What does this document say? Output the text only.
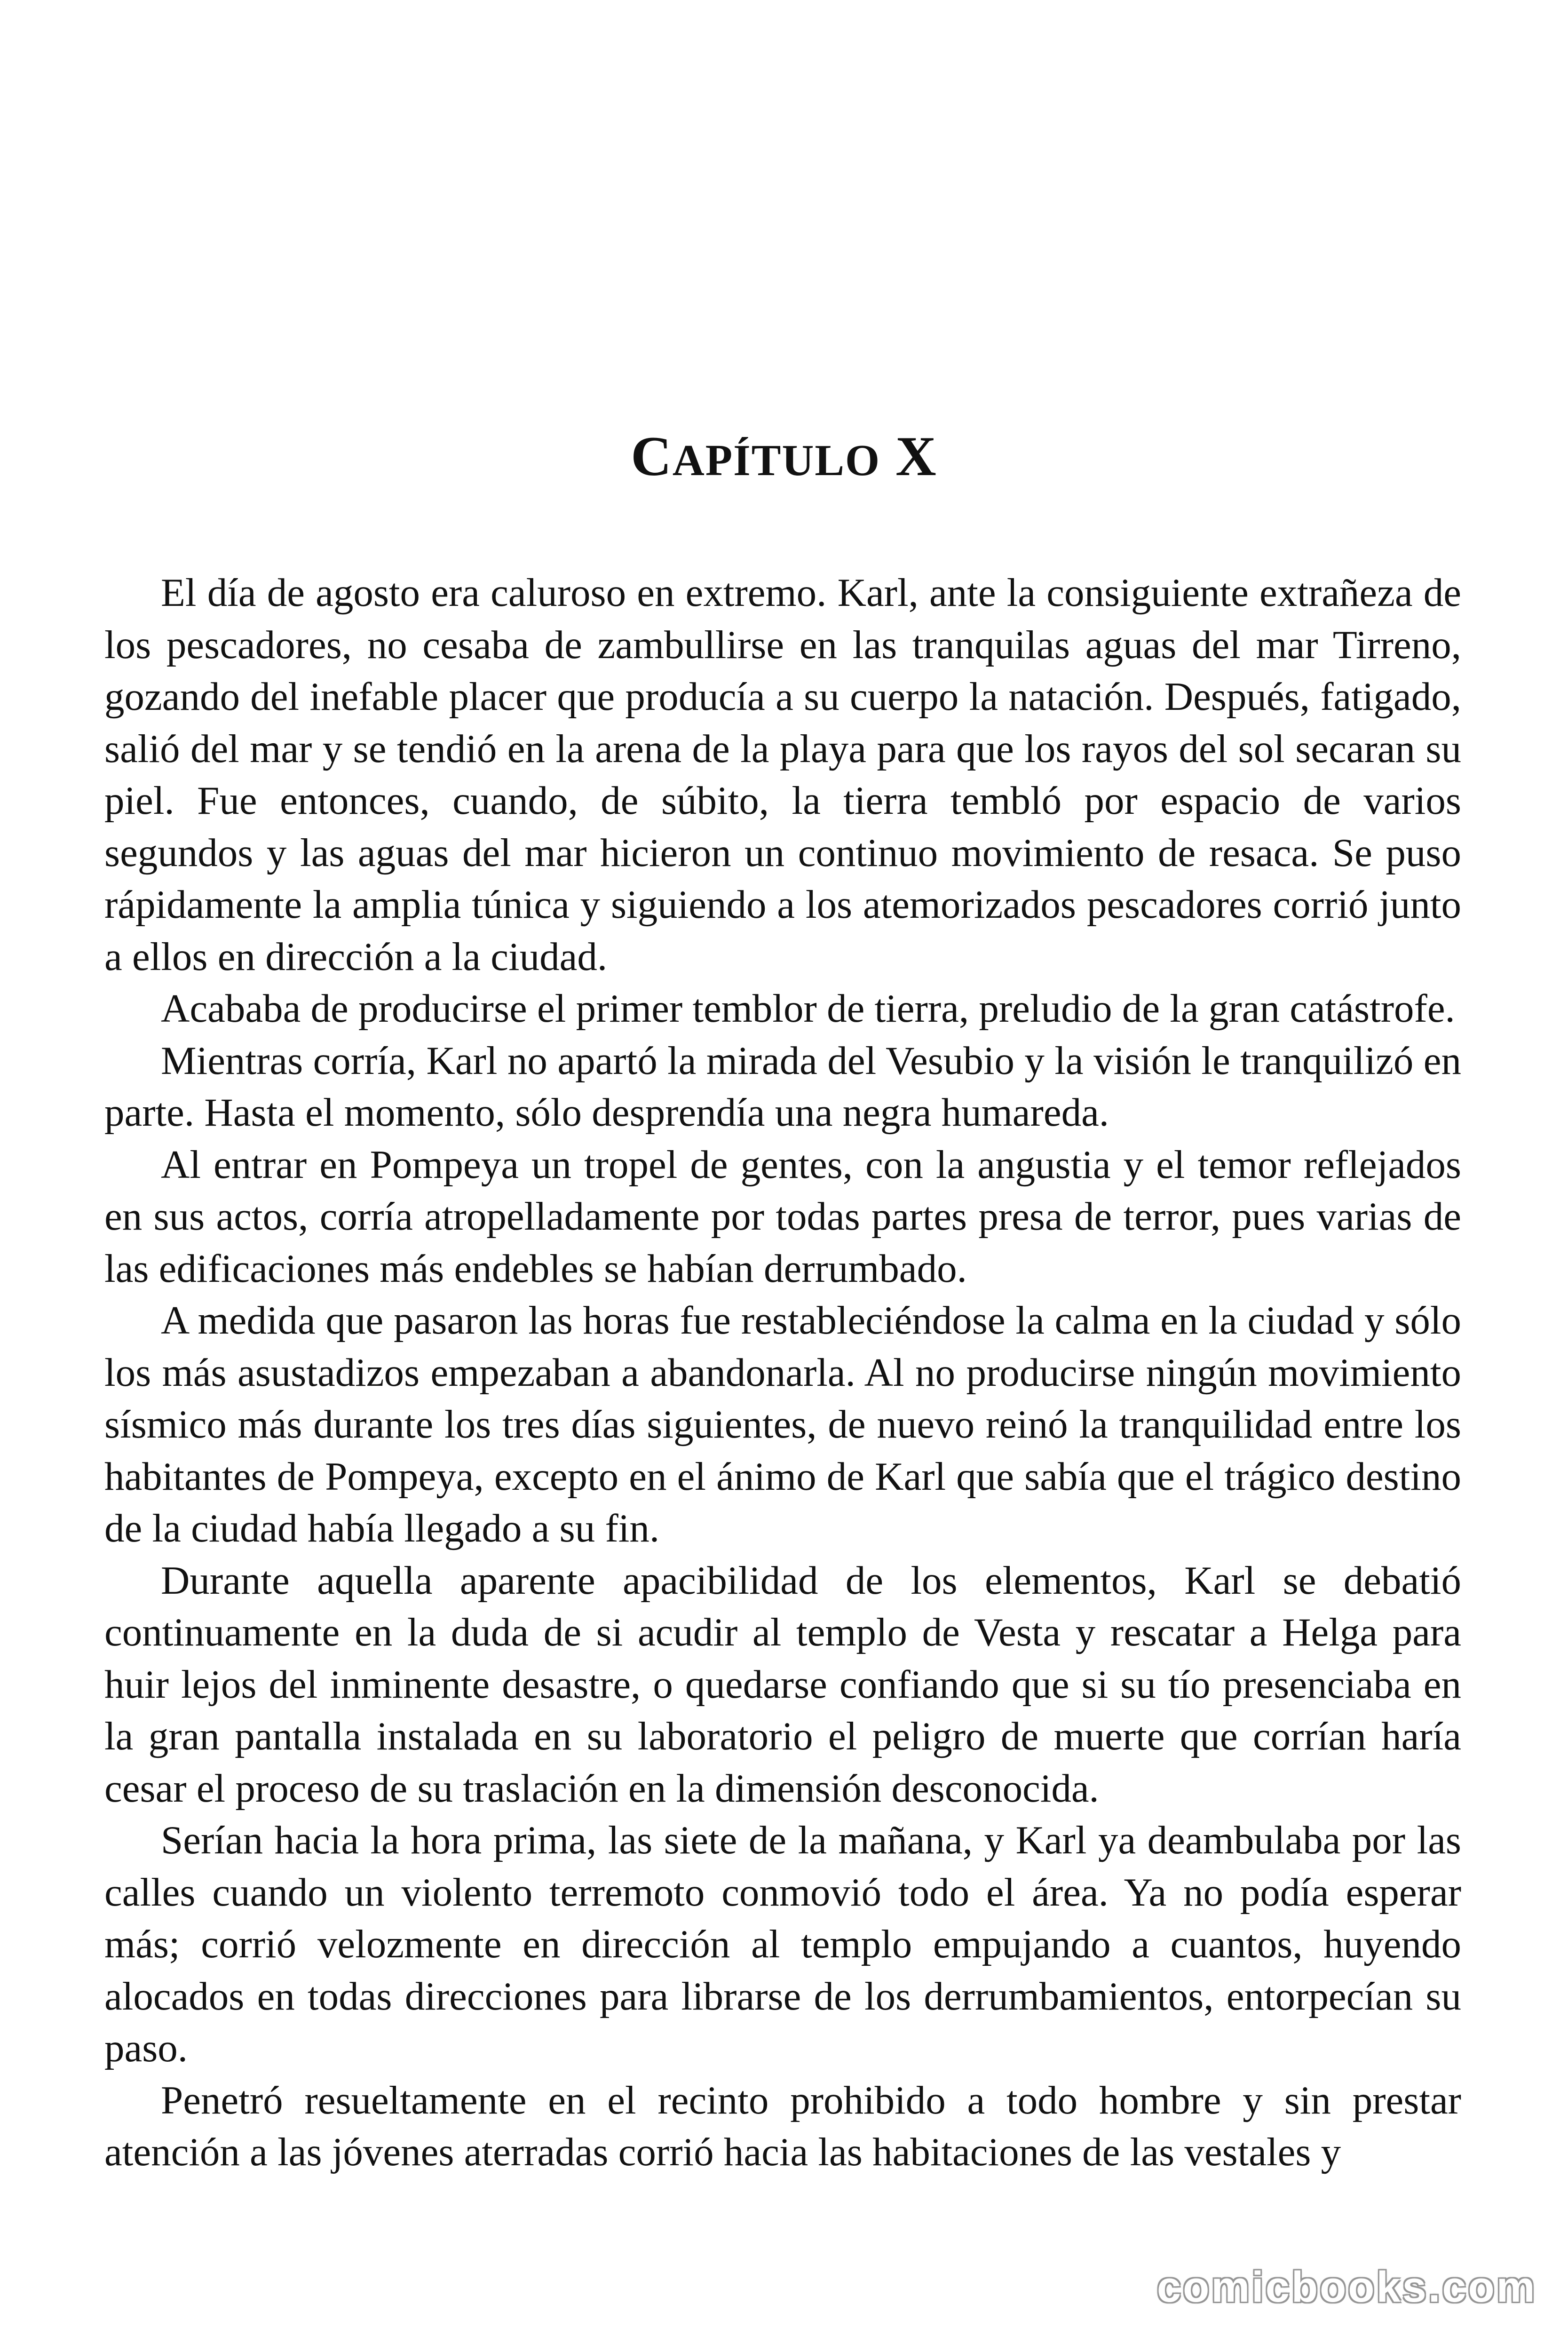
CAPÍTULO X

El día de agosto era caluroso en extremo. Karl, ante la consiguiente extrañeza de los pescadores, no cesaba de zambullirse en las tranquilas aguas del mar Tirreno, gozando del inefable placer que producía a su cuerpo la natación. Después, fatigado, salió del mar y se tendió en la arena de la playa para que los rayos del sol secaran su piel. Fue entonces, cuando, de súbito, la tierra tembló por espacio de varios segundos y las aguas del mar hicieron un continuo movimiento de resaca. Se puso rápidamente la amplia túnica y siguiendo a los atemorizados pescadores corrió junto a ellos en dirección a la ciudad.

Acababa de producirse el primer temblor de tierra, preludio de la gran catástrofe.

Mientras corría, Karl no apartó la mirada del Vesubio y la visión le tranquilizó en parte. Hasta el momento, sólo desprendía una negra humareda.

Al entrar en Pompeya un tropel de gentes, con la angustia y el temor reflejados en sus actos, corría atropelladamente por todas partes presa de terror, pues varias de las edificaciones más endebles se habían derrumbado.

A medida que pasaron las horas fue restableciéndose la calma en la ciudad y sólo los más asustadizos empezaban a abandonarla. Al no producirse ningún movimiento sísmico más durante los tres días siguientes, de nuevo reinó la tranquilidad entre los habitantes de Pompeya, excepto en el ánimo de Karl que sabía que el trágico destino de la ciudad había llegado a su fin.

Durante aquella aparente apacibilidad de los elementos, Karl se debatió continuamente en la duda de si acudir al templo de Vesta y rescatar a Helga para huir lejos del inminente desastre, o quedarse confiando que si su tío presenciaba en la gran pantalla instalada en su laboratorio el peligro de muerte que corrían haría cesar el proceso de su traslación en la dimensión desconocida.

Serían hacia la hora prima, las siete de la mañana, y Karl ya deambulaba por las calles cuando un violento terremoto conmovió todo el área. Ya no podía esperar más; corrió velozmente en dirección al templo empujando a cuantos, huyendo alocados en todas direcciones para librarse de los derrumbamientos, entorpecían su paso.

Penetró resueltamente en el recinto prohibido a todo hombre y sin prestar atención a las jóvenes aterradas corrió hacia las habitaciones de las vestales y

comicbooks.com
